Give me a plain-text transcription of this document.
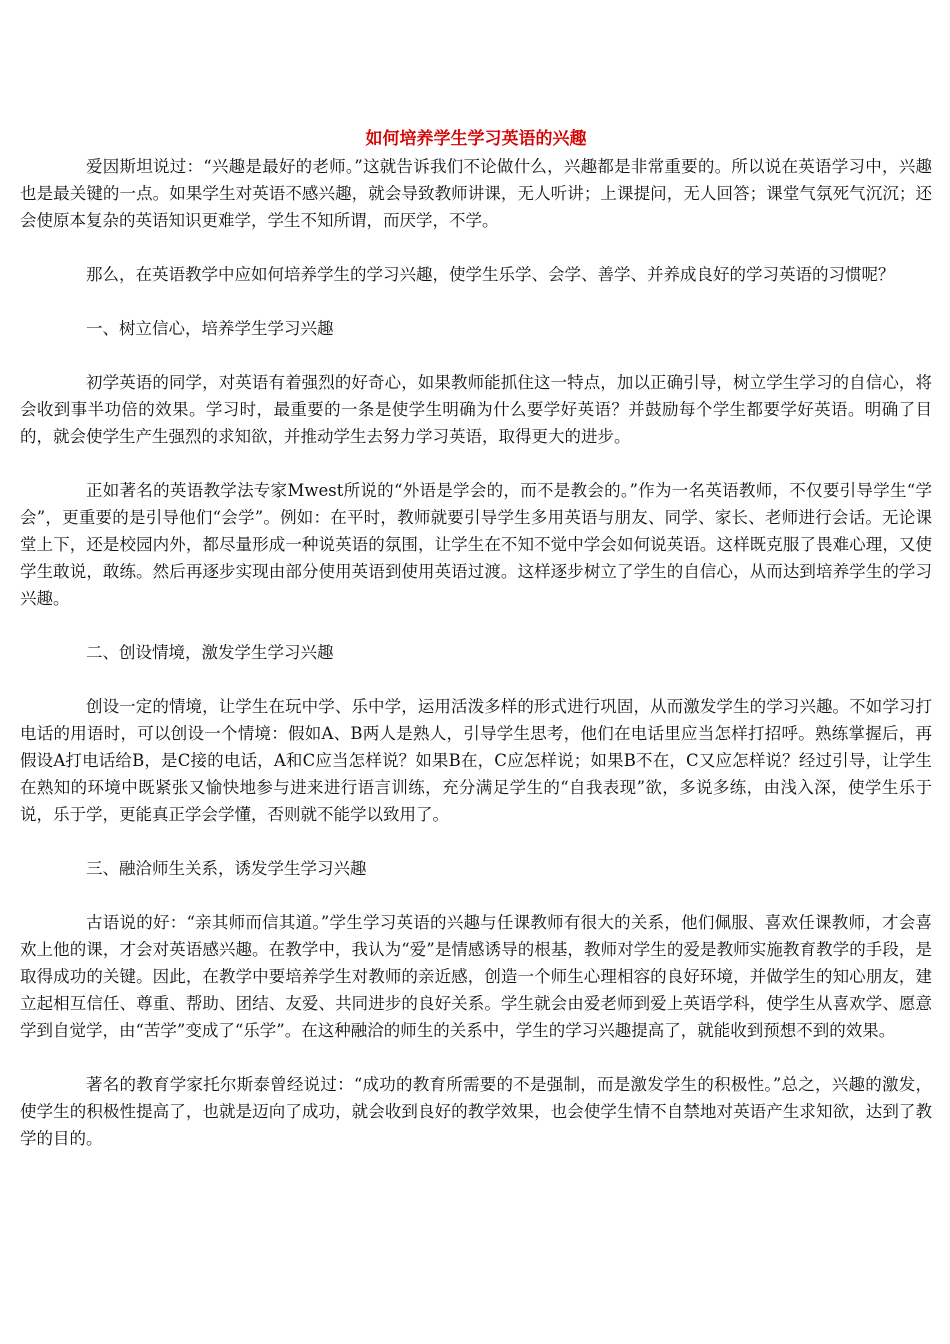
如何培养学生学习英语的兴趣

爱因斯坦说过：“兴趣是最好的老师。”这就告诉我们不论做什么，兴趣都是非常重要的。所以说在英语学习中，兴趣也是最关键的一点。如果学生对英语不感兴趣，就会导致教师讲课，无人听讲；上课提问，无人回答；课堂气氛死气沉沉；还会使原本复杂的英语知识更难学，学生不知所谓，而厌学，不学。

那么，在英语教学中应如何培养学生的学习兴趣，使学生乐学、会学、善学、并养成良好的学习英语的习惯呢？

一、树立信心，培养学生学习兴趣

初学英语的同学，对英语有着强烈的好奇心，如果教师能抓住这一特点，加以正确引导，树立学生学习的自信心，将会收到事半功倍的效果。学习时，最重要的一条是使学生明确为什么要学好英语？并鼓励每个学生都要学好英语。明确了目的，就会使学生产生强烈的求知欲，并推动学生去努力学习英语，取得更大的进步。

正如著名的英语教学法专家Mwest所说的“外语是学会的，而不是教会的。”作为一名英语教师，不仅要引导学生“学会”，更重要的是引导他们“会学”。例如：在平时，教师就要引导学生多用英语与朋友、同学、家长、老师进行会话。无论课堂上下，还是校园内外，都尽量形成一种说英语的氛围，让学生在不知不觉中学会如何说英语。这样既克服了畏难心理，又使学生敢说，敢练。然后再逐步实现由部分使用英语到使用英语过渡。这样逐步树立了学生的自信心，从而达到培养学生的学习兴趣。

二、创设情境，激发学生学习兴趣

创设一定的情境，让学生在玩中学、乐中学，运用活泼多样的形式进行巩固，从而激发学生的学习兴趣。不如学习打电话的用语时，可以创设一个情境：假如A、B两人是熟人，引导学生思考，他们在电话里应当怎样打招呼。熟练掌握后，再假设A打电话给B，是C接的电话，A和C应当怎样说？如果B在，C应怎样说；如果B不在，C又应怎样说？经过引导，让学生在熟知的环境中既紧张又愉快地参与进来进行语言训练，充分满足学生的“自我表现”欲，多说多练，由浅入深，使学生乐于说，乐于学，更能真正学会学懂，否则就不能学以致用了。

三、融洽师生关系，诱发学生学习兴趣

古语说的好：“亲其师而信其道。”学生学习英语的兴趣与任课教师有很大的关系，他们佩服、喜欢任课教师，才会喜欢上他的课，才会对英语感兴趣。在教学中，我认为“爱”是情感诱导的根基，教师对学生的爱是教师实施教育教学的手段，是取得成功的关键。因此，在教学中要培养学生对教师的亲近感，创造一个师生心理相容的良好环境，并做学生的知心朋友，建立起相互信任、尊重、帮助、团结、友爱、共同进步的良好关系。学生就会由爱老师到爱上英语学科，使学生从喜欢学、愿意学到自觉学，由“苦学”变成了“乐学”。在这种融洽的师生的关系中，学生的学习兴趣提高了，就能收到预想不到的效果。

著名的教育学家托尔斯泰曾经说过：“成功的教育所需要的不是强制，而是激发学生的积极性。”总之，兴趣的激发，使学生的积极性提高了，也就是迈向了成功，就会收到良好的教学效果，也会使学生情不自禁地对英语产生求知欲，达到了教学的目的。
